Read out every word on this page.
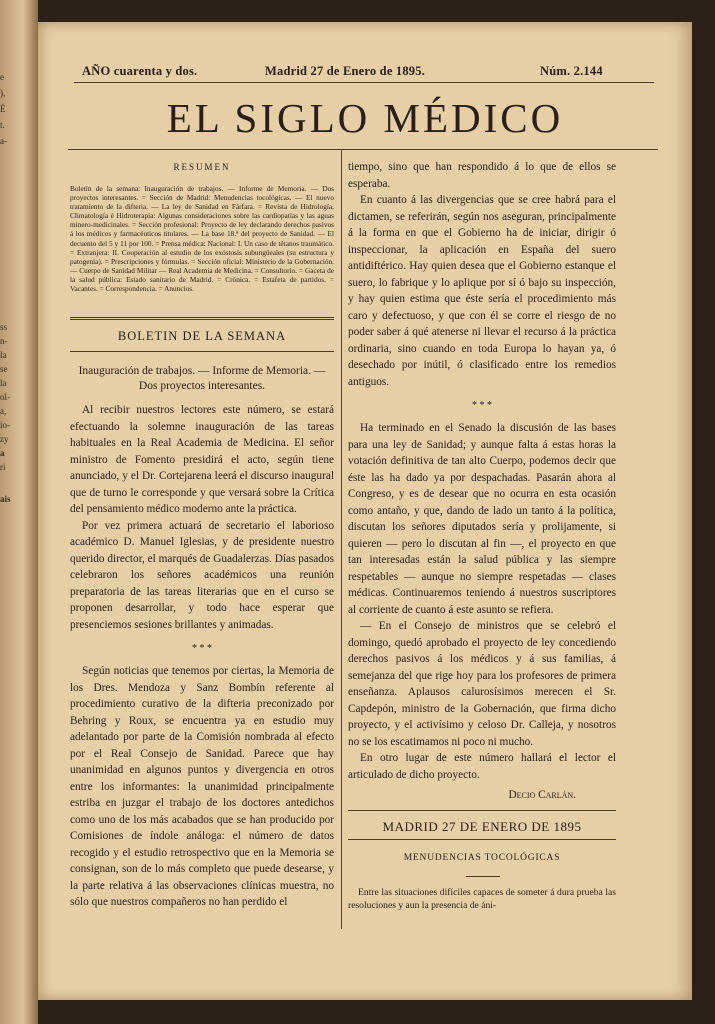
e
),
É
t.
a-
ss
n-
la
se
la
ol-
a,
io-
zy
a
ri
ais
AÑO cuarenta y dos.	Madrid 27 de Enero de 1895.	Núm. 2.144
EL SIGLO MÉDICO
RESUMEN
Boletín de la semana: Inauguración de trabajos. — Informe de Memoria. — Dos proyectos interesantes. = Sección de Madrid: Menudencias tocológicas. — El nuevo tratamiento de la difteria. — La ley de Sanidad en Fárfara. = Revista de Hidrología, Climatología é Hidroterapia: Algunas consideraciones sobre las cardiopatías y las aguas minero-medicinales. = Sección profesional: Proyecto de ley declarando derechos pasivos á los médicos y farmacéuticos titulares. — La base 18.ª del proyecto de Sanidad. — El decuento del 5 y 11 por 100. = Prensa médica: Nacional: I. Un caso de tétanos traumático. = Extranjera: II. Cooperación al estudio de los exóstosis subungüeales (su estructura y patogenia). = Prescripciones y fórmulas. = Sección oficial: Ministerio de la Gobernación. — Cuerpo de Sanidad Militar — Real Academia de Medicina. = Consultorio. = Gaceta de la salud pública: Estado sanitario de Madrid. = Crónica. = Estafeta de partidos. = Vacantes. = Correspondencia. = Anuncios.
BOLETIN DE LA SEMANA
Inauguración de trabajos. — Informe de Memoria. — Dos proyectos interesantes.

Al recibir nuestros lectores este número, se estará efectuando la solemne inauguración de las tareas habituales en la Real Academia de Medicina. El señor ministro de Fomento presidirá el acto, según tiene anunciado, y el Dr. Cortejarena leerá el discurso inaugural que de turno le corresponde y que versará sobre la Crítica del pensamiento médico moderno ante la práctica.

Por vez primera actuará de secretario el laborioso académico D. Manuel Iglesias, y de presidente nuestro querido director, el marqués de Guadalerzas. Días pasados celebraron los señores académicos una reunión preparatoria de las tareas literarias que en el curso se proponen desarrollar, y todo hace esperar que presenciemos sesiones brillantes y animadas.

* * *

Según noticias que tenemos por ciertas, la Memoria de los Dres. Mendoza y Sanz Bombín referente al procedimiento curativo de la difteria preconizado por Behring y Roux, se encuentra ya en estudio muy adelantado por parte de la Comisión nombrada al efecto por el Real Consejo de Sanidad. Parece que hay unanimidad en algunos puntos y divergencia en otros entre los informantes: la unanimidad principalmente estriba en juzgar el trabajo de los doctores antedichos como uno de los más acabados que se han producido por Comisiones de índole análoga: el número de datos recogido y el estudio retrospectivo que en la Memoria se consignan, son de lo más completo que puede desearse, y la parte relativa á las observaciones clínicas muestra, no sólo que nuestros compañeros no han perdido el

tiempo, sino que han respondido á lo que de ellos se esperaba.

En cuanto á las divergencias que se cree habrá para el dictamen, se referirán, según nos aseguran, principalmente á la forma en que el Gobierno ha de iniciar, dirigir ó inspeccionar, la aplicación en España del suero antidiftérico. Hay quien desea que el Gobierno estanque el suero, lo fabrique y lo aplique por sí ó bajo su inspección, y hay quien estima que éste sería el procedimiento más caro y defectuoso, y que con él se corre el riesgo de no poder saber á qué atenerse ni llevar el recurso á la práctica ordinaria, sino cuando en toda Europa lo hayan ya, ó desechado por inútil, ó clasificado entre los remedios antiguos.

* * *

Ha terminado en el Senado la discusión de las bases para una ley de Sanidad; y aunque falta á estas horas la votación definitiva de tan alto Cuerpo, podemos decir que éste las ha dado ya por despachadas. Pasarán ahora al Congreso, y es de desear que no ocurra en esta ocasión como antaño, y que, dando de lado un tanto á la política, discutan los señores diputados sería y prolijamente, si quieren — pero lo discutan al fin —, el proyecto en que tan interesadas están la salud pública y las siempre respetables — aunque no siempre respetadas — clases médicas. Continuaremos teniendo á nuestros suscriptores al corriente de cuanto á este asunto se refiera.

— En el Consejo de ministros que se celebró el domingo, quedó aprobado el proyecto de ley concediendo derechos pasivos á los médicos y á sus familias, á semejanza del que rige hoy para los profesores de primera enseñanza. Aplausos calurosísimos merecen el Sr. Capdepón, ministro de la Gobernación, que firma dicho proyecto, y el activísimo y celoso Dr. Calleja, y nosotros no se los escatimamos ni poco ni mucho.

En otro lugar de este número hallará el lector el articulado de dicho proyecto.

Decio Carlán.
MADRID 27 DE ENERO DE 1895
MENUDENCIAS TOCOLÓGICAS
Entre las situaciones difíciles capaces de someter á dura prueba las resoluciones y aun la presencia de áni-
